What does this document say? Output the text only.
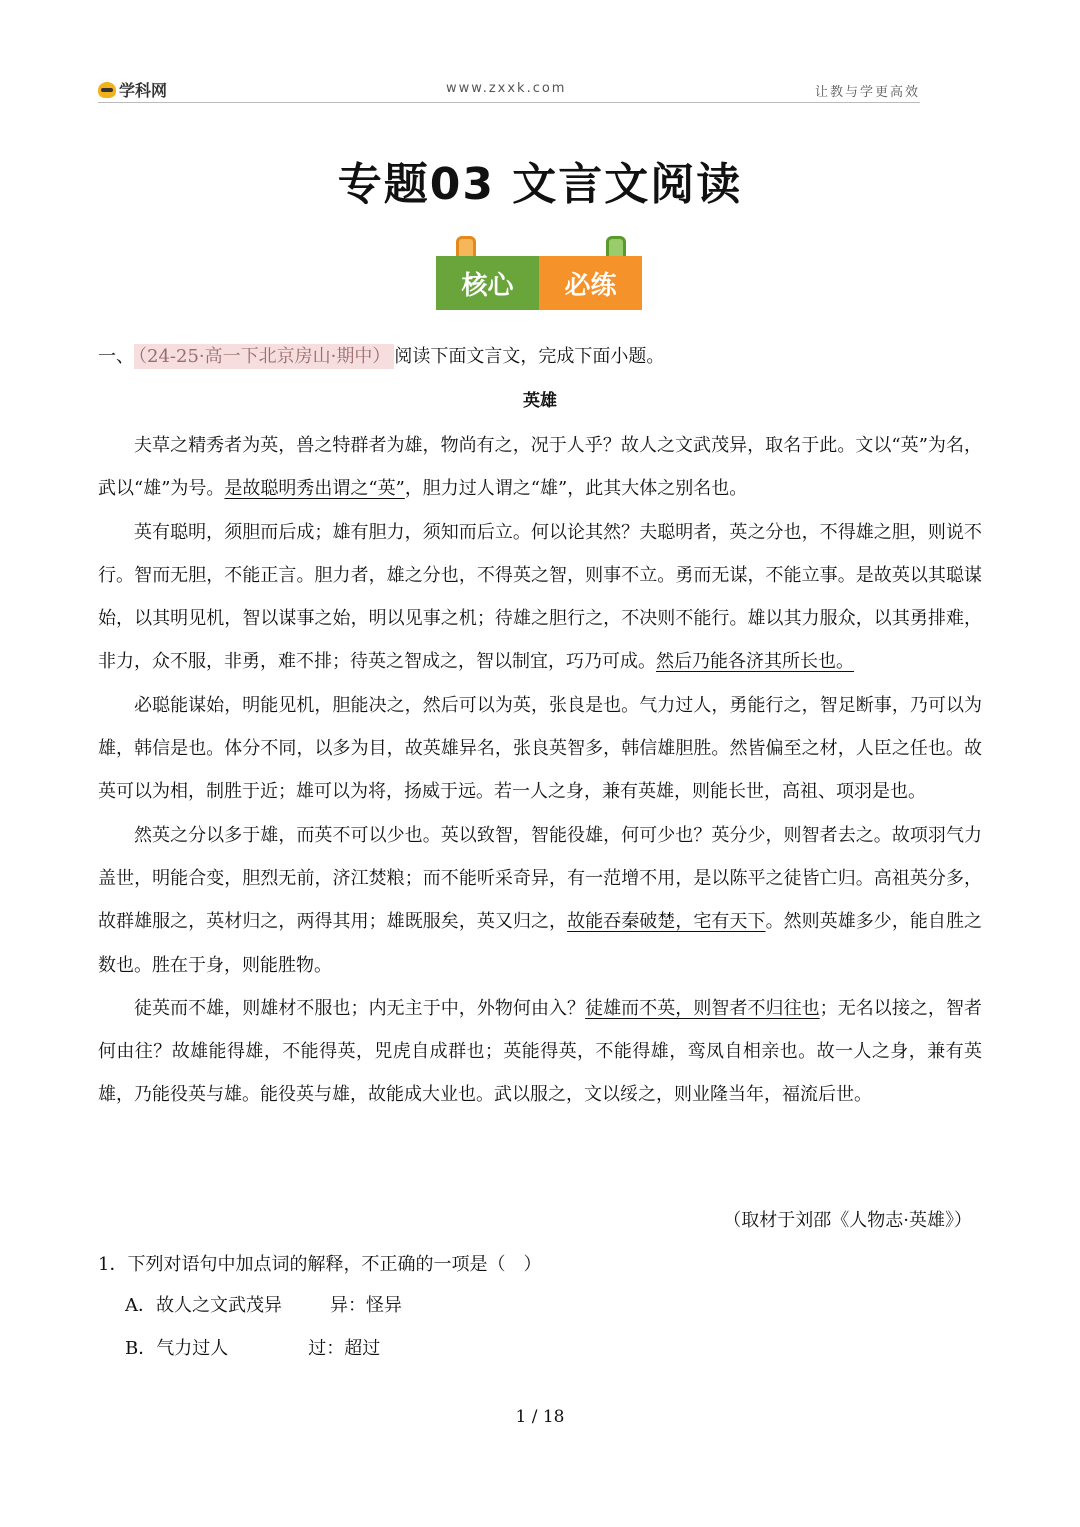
学科网	www.zxxk.com	让教与学更高效
专题03 文言文阅读
核心	必练
一、 （24-25·高一下北京房山·期中） 阅读下面文言文，完成下面小题。
英雄

夫草之精秀者为英，兽之特群者为雄，物尚有之，况于人乎？故人之文武茂异，取名于此。文以“英”为名，武以“雄”为号。是故聪明秀出谓之“英”，胆力过人谓之“雄”，此其大体之别名也。

英有聪明，须胆而后成；雄有胆力，须知而后立。何以论其然？夫聪明者，英之分也，不得雄之胆，则说不行。智而无胆，不能正言。胆力者，雄之分也，不得英之智，则事不立。勇而无谋，不能立事。是故英以其聪谋始，以其明见机，智以谋事之始，明以见事之机；待雄之胆行之，不决则不能行。雄以其力服众，以其勇排难，非力，众不服，非勇，难不排；待英之智成之，智以制宜，巧乃可成。然后乃能各济其所长也。

必聪能谋始，明能见机，胆能决之，然后可以为英，张良是也。气力过人，勇能行之，智足断事，乃可以为雄，韩信是也。体分不同，以多为目，故英雄异名，张良英智多，韩信雄胆胜。然皆偏至之材，人臣之任也。故英可以为相，制胜于近；雄可以为将，扬威于远。若一人之身，兼有英雄，则能长世，高祖、项羽是也。

然英之分以多于雄，而英不可以少也。英以致智，智能役雄，何可少也？英分少，则智者去之。故项羽气力盖世，明能合变，胆烈无前，济江焚粮；而不能听采奇异，有一范增不用，是以陈平之徒皆亡归。高祖英分多，故群雄服之，英材归之，两得其用；雄既服矣，英又归之，故能吞秦破楚，宅有天下。然则英雄多少，能自胜之数也。胜在于身，则能胜物。

徒英而不雄，则雄材不服也；内无主于中，外物何由入？徒雄而不英，则智者不归往也；无名以接之，智者何由往？故雄能得雄，不能得英，兕虎自成群也；英能得英，不能得雄，鸾凤自相亲也。故一人之身，兼有英雄，乃能役英与雄。能役英与雄，故能成大业也。武以服之，文以绥之，则业隆当年，福流后世。

（取材于刘邵《人物志·英雄》）
1．下列对语句中加点词的解释，不正确的一项是（　）
A．故人之文武茂异	异：怪异
B．气力过人	过：超过
1 / 18
